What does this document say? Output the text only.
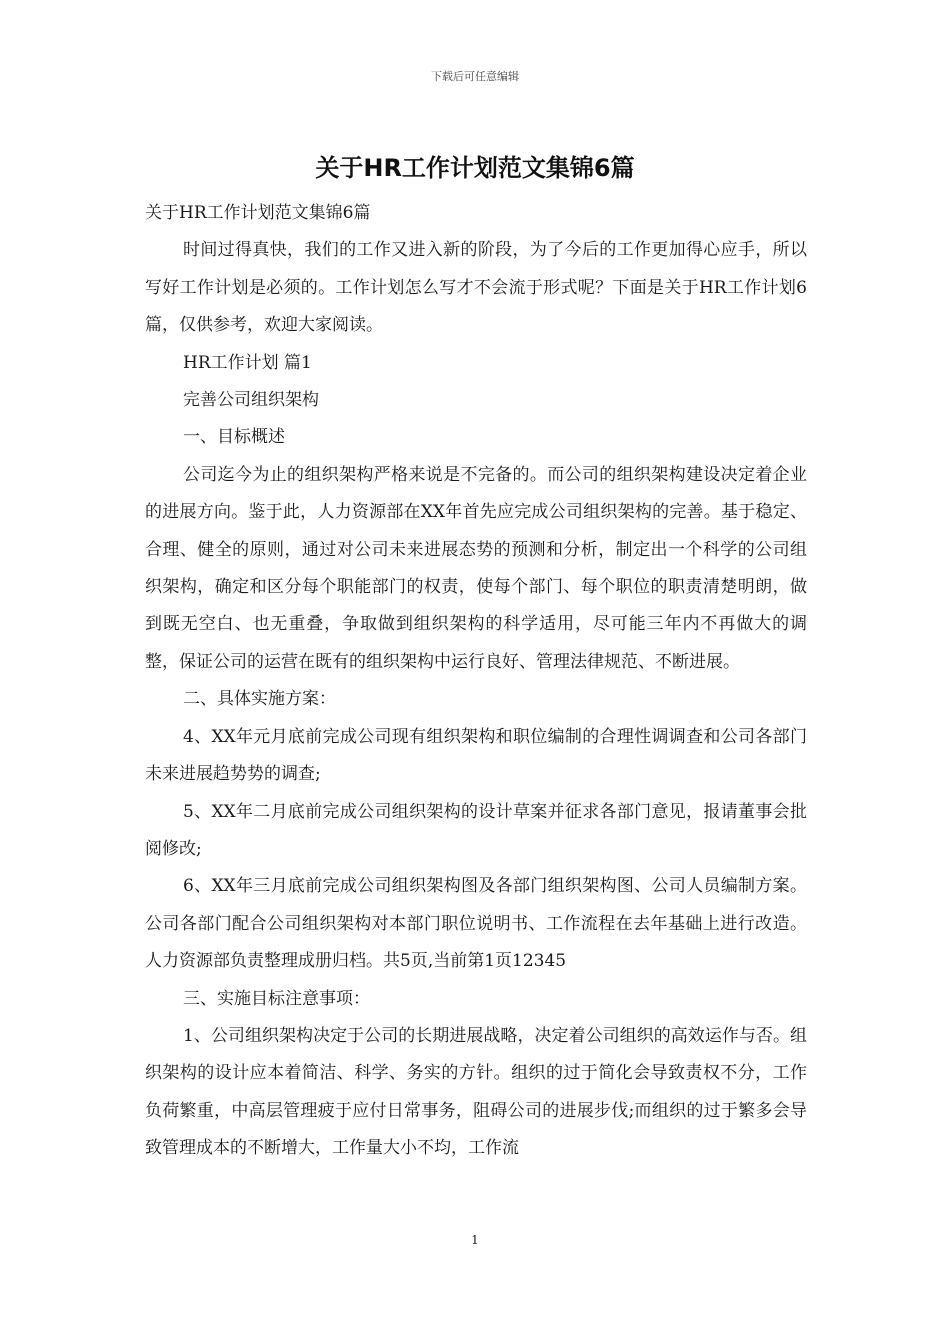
下载后可任意编辑
关于HR工作计划范文集锦6篇

关于HR工作计划范文集锦6篇

时间过得真快，我们的工作又进入新的阶段，为了今后的工作更加得心应手，所以写好工作计划是必须的。工作计划怎么写才不会流于形式呢？下面是关于HR工作计划6篇，仅供参考，欢迎大家阅读。

HR工作计划 篇1

完善公司组织架构

一、目标概述

公司迄今为止的组织架构严格来说是不完备的。而公司的组织架构建设决定着企业的进展方向。鉴于此，人力资源部在XX年首先应完成公司组织架构的完善。基于稳定、合理、健全的原则，通过对公司未来进展态势的预测和分析，制定出一个科学的公司组织架构，确定和区分每个职能部门的权责，使每个部门、每个职位的职责清楚明朗，做到既无空白、也无重叠，争取做到组织架构的科学适用，尽可能三年内不再做大的调整，保证公司的运营在既有的组织架构中运行良好、管理法律规范、不断进展。

二、具体实施方案：

4、XX年元月底前完成公司现有组织架构和职位编制的合理性调调查和公司各部门未来进展趋势势的调查;

5、XX年二月底前完成公司组织架构的设计草案并征求各部门意见，报请董事会批阅修改;

6、XX年三月底前完成公司组织架构图及各部门组织架构图、公司人员编制方案。公司各部门配合公司组织架构对本部门职位说明书、工作流程在去年基础上进行改造。人力资源部负责整理成册归档。共5页,当前第1页12345

三、实施目标注意事项：

1、公司组织架构决定于公司的长期进展战略，决定着公司组织的高效运作与否。组织架构的设计应本着简洁、科学、务实的方针。组织的过于简化会导致责权不分，工作负荷繁重，中高层管理疲于应付日常事务，阻碍公司的进展步伐;而组织的过于繁多会导致管理成本的不断增大，工作量大小不均，工作流

1
